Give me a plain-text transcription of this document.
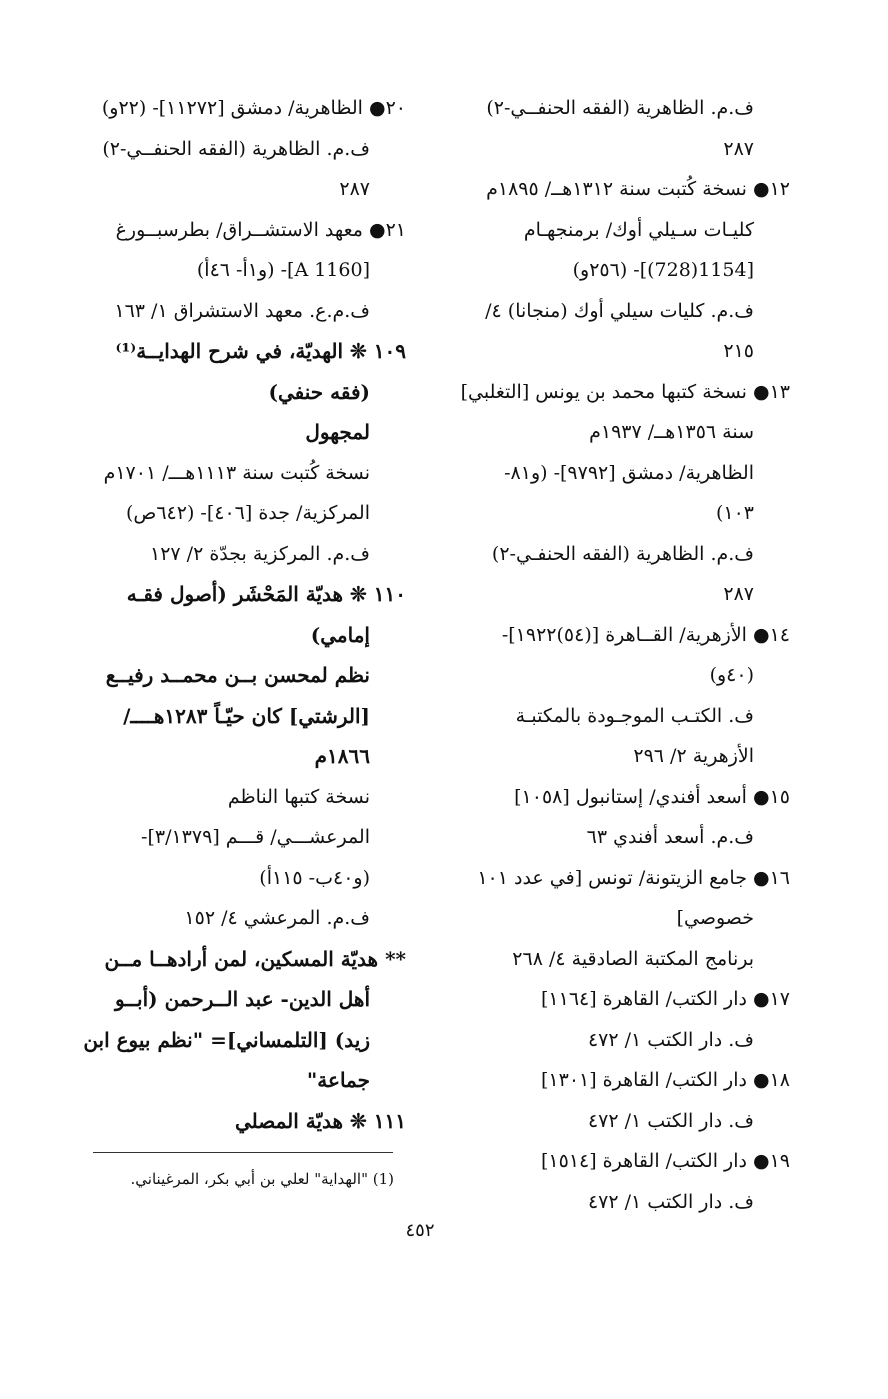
ف.م. الظاهرية (الفقه الحنفــي-٢)
٢٨٧
١٢● نسخة كُتبت سنة ١٣١٢هــ/ ١٨٩٥م
كليـات سـيلي أوك/ برمنجهـام
[1154(728)]- (٢٥٦و)
ف.م. كليات سيلي أوك (منجانا) ٤/
٢١٥
١٣● نسخة كتبها محمد بن يونس [التغلبي]
سنة ١٣٥٦هــ/ ١٩٣٧م
الظاهرية/ دمشق [٩٧٩٢]- (و٨١-
١٠٣)
ف.م. الظاهرية (الفقه الحنفـي-٢)
٢٨٧
١٤● الأزهرية/ القــاهرة [(٥٤)١٩٢٢]-
(٤٠و)
ف. الكتـب الموجـودة بالمكتبـة
الأزهرية ٢/ ٢٩٦
١٥● أسعد أفندي/ إستانبول [١٠٥٨]
ف.م. أسعد أفندي ٦٣
١٦● جامع الزيتونة/ تونس [في عدد ١٠١
خصوصي]
برنامج المكتبة الصادقية ٤/ ٢٦٨
١٧● دار الكتب/ القاهرة [١١٦٤]
ف. دار الكتب ١/ ٤٧٢
١٨● دار الكتب/ القاهرة [١٣٠١]
ف. دار الكتب ١/ ٤٧٢
١٩● دار الكتب/ القاهرة [١٥١٤]
ف. دار الكتب ١/ ٤٧٢
٢٠● الظاهرية/ دمشق [١١٢٧٢]- (٢٢و)
ف.م. الظاهرية (الفقه الحنفــي-٢)
٢٨٧
٢١● معهد الاستشــراق/ بطرسبــورغ
[A 1160]- (و١أ- ٤٦أ)
ف.م.ع. معهد الاستشراق ١/ ١٦٣
١٠٩ ❊ الهديّة، في شرح الهدايــة⁽¹⁾
(فقه حنفي)
لمجهول
نسخة كُتبت سنة ١١١٣هـــ/ ١٧٠١م
المركزية/ جدة [٤٠٦]- (٦٤٢ص)
ف.م. المركزية بجدّة ٢/ ١٢٧
١١٠ ❊ هديّة المَحْشَر (أصول فقـه
إمامي)
نظم لمحسن بــن محمــد رفيــع
[الرشتي] كان حيّـاً ١٢٨٣هــــ/
١٨٦٦م
نسخة كتبها الناظم
المرعشـــي/ قـــم [٣/١٣٧٩]-
(و٤٠ب- ١١٥أ)
ف.م. المرعشي ٤/ ١٥٢
** هديّة المسكين، لمن أرادهــا مــن
أهل الدين- عبد الــرحمن (أبــو
زيد) [التلمساني]= "نظم بيوع ابن
جماعة"
١١١ ❊ هديّة المصلي
(1) "الهداية" لعلي بن أبي بكر، المرغيناني.
٤٥٢
